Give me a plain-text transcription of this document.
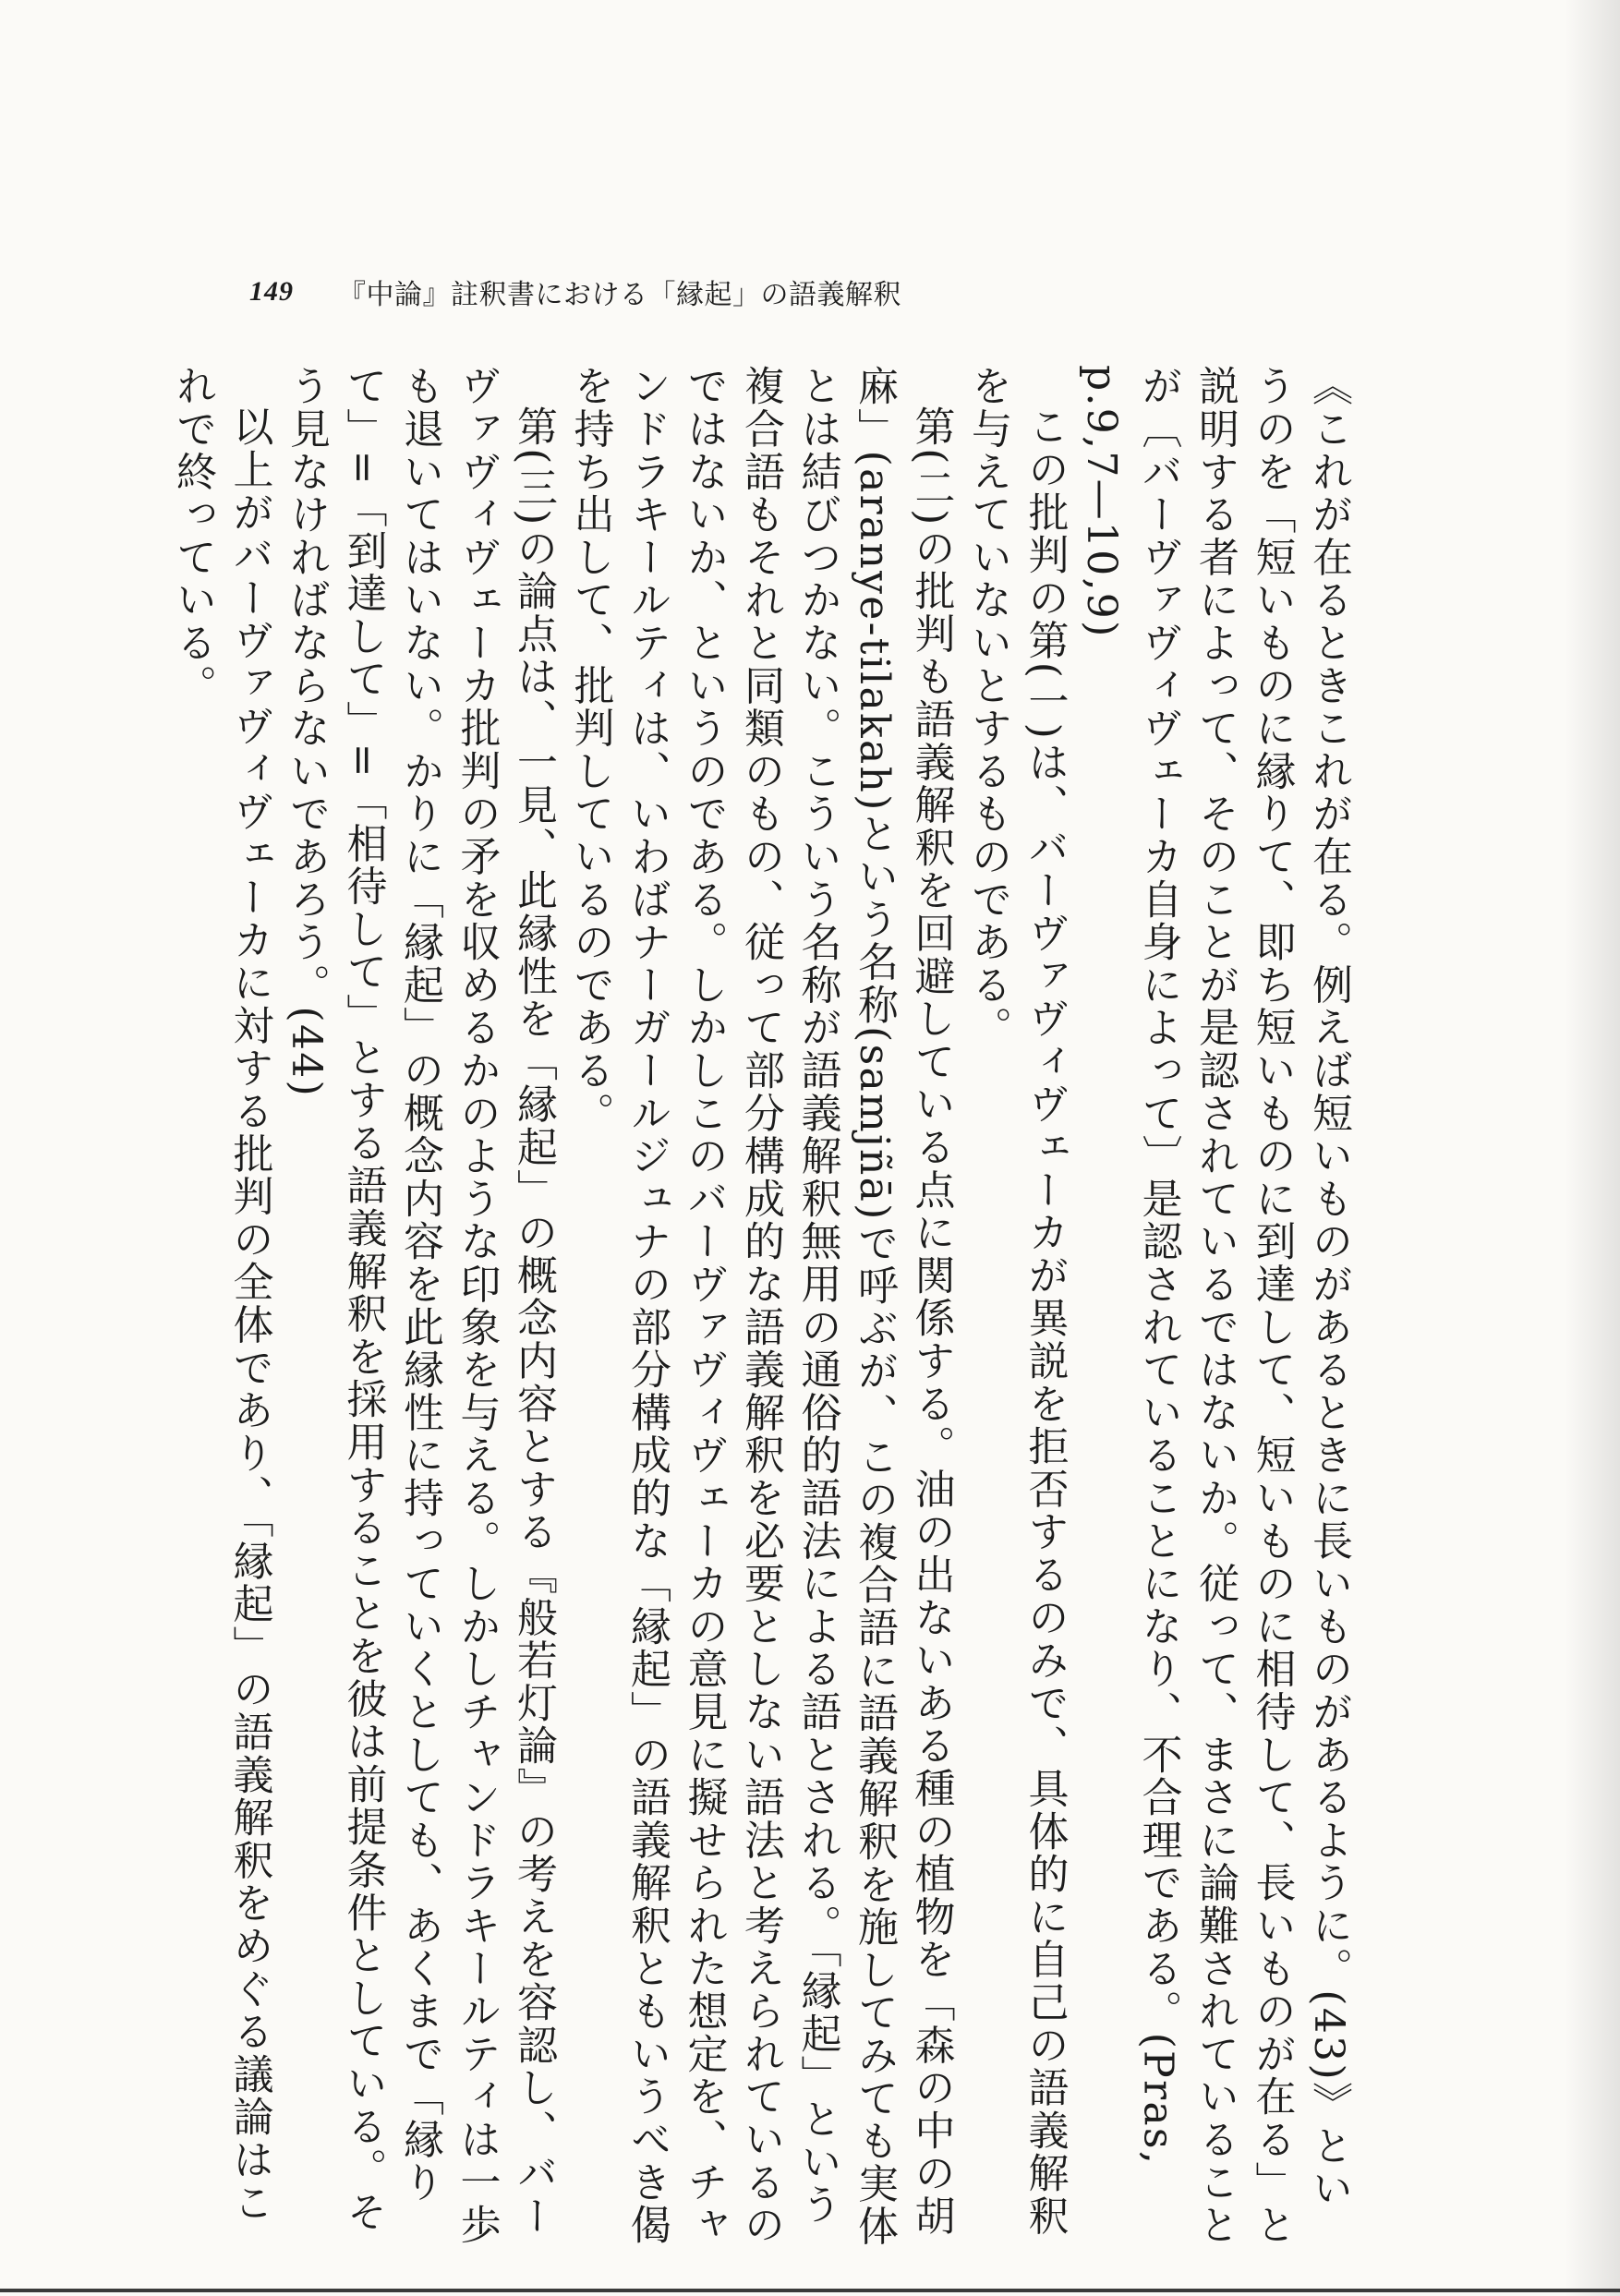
149 『中論』註釈書における「縁起」の語義解釈

《これが在るときこれが在る。例えば短いものがあるときに長いものがあるように。(43)》というのを「短いものに縁りて、即ち短いものに到達して、短いものに相待して、長いものが在る」と説明する者によって、そのことが是認されているではないか。従って、まさに論難されていることが〔バーヴァヴィヴェーカ自身によって〕是認されていることになり、不合理である。(Pras, p.9,7—10,9)

この批判の第(一)は、バーヴァヴィヴェーカが異説を拒否するのみで、具体的に自己の語義解釈を与えていないとするものである。

第(二)の批判も語義解釈を回避している点に関係する。油の出ないある種の植物を「森の中の胡麻」(aranye-tilakah)という名称(samjñā)で呼ぶが、この複合語に語義解釈を施してみても実体とは結びつかない。こういう名称が語義解釈無用の通俗的語法による語とされる。「縁起」という複合語もそれと同類のもの、従って部分構成的な語義解釈を必要としない語法と考えられているのではないか、というのである。しかしこのバーヴァヴィヴェーカの意見に擬せられた想定を、チャンドラキールティは、いわばナーガールジュナの部分構成的な「縁起」の語義解釈ともいうべき偈を持ち出して、批判しているのである。

第(三)の論点は、一見、此縁性を「縁起」の概念内容とする『般若灯論』の考えを容認し、バーヴァヴィヴェーカ批判の矛を収めるかのような印象を与える。しかしチャンドラキールティは一歩も退いてはいない。かりに「縁起」の概念内容を此縁性に持っていくとしても、あくまで「縁りて」=「到達して」=「相待して」とする語義解釈を採用することを彼は前提条件としている。そう見なければならないであろう。(44)

以上がバーヴァヴィヴェーカに対する批判の全体であり、「縁起」の語義解釈をめぐる議論はこれで終っている。
